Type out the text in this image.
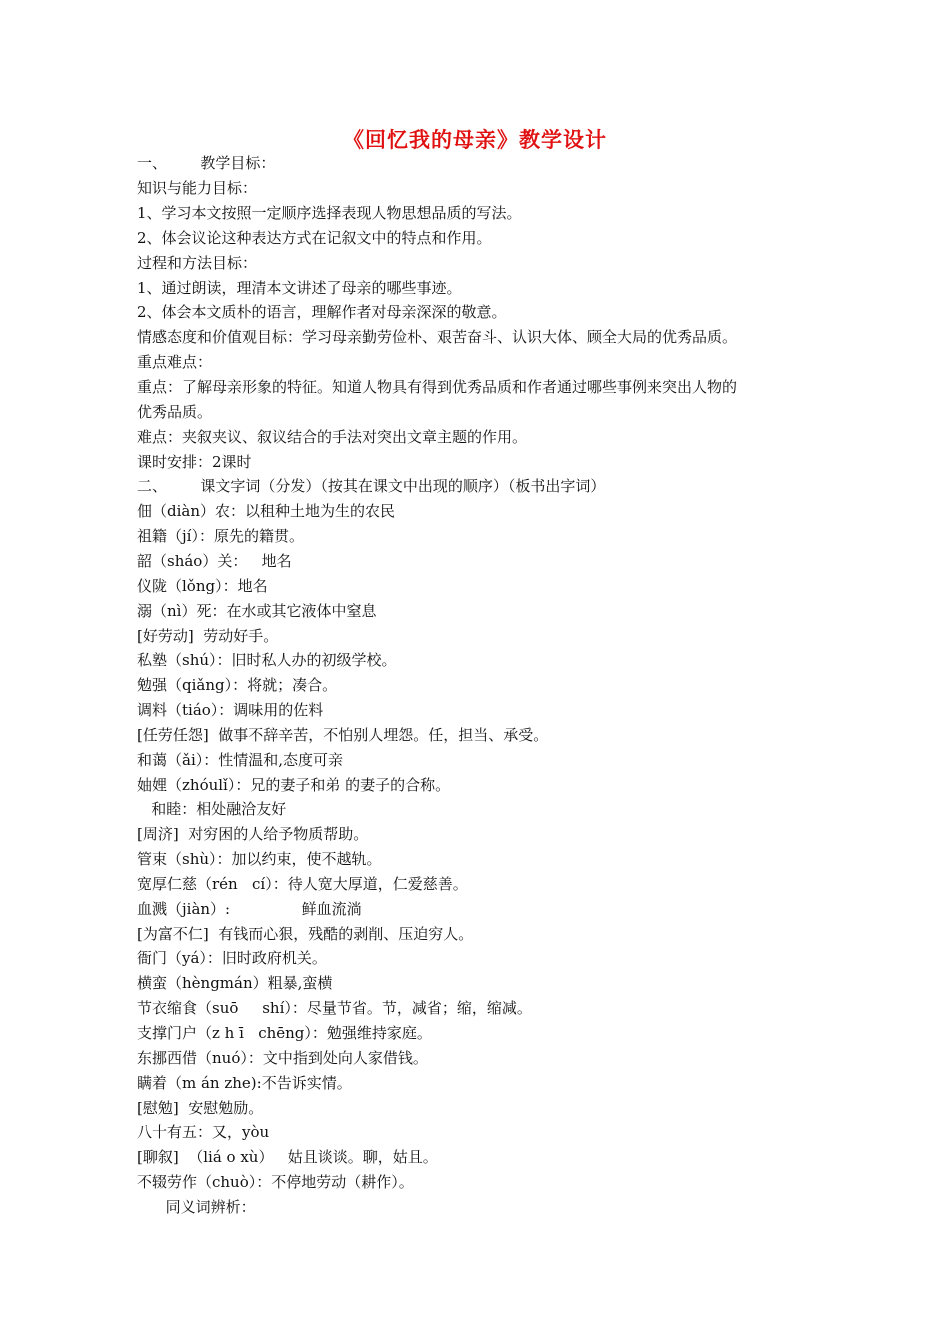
《回忆我的母亲》教学设计
一、       教学目标：
知识与能力目标：
1、学习本文按照一定顺序选择表现人物思想品质的写法。
2、体会议论这种表达方式在记叙文中的特点和作用。
过程和方法目标：
1、通过朗读，理清本文讲述了母亲的哪些事迹。
2、体会本文质朴的语言，理解作者对母亲深深的敬意。
情感态度和价值观目标：学习母亲勤劳俭朴、艰苦奋斗、认识大体、顾全大局的优秀品质。
重点难点：
重点：了解母亲形象的特征。知道人物具有得到优秀品质和作者通过哪些事例来突出人物的
优秀品质。
难点：夹叙夹议、叙议结合的手法对突出文章主题的作用。
课时安排：2课时
二、       课文字词（分发）（按其在课文中出现的顺序）（板书出字词）
佃（diàn）农：以租种土地为生的农民
祖籍（jí）：原先的籍贯。
韶（sháo）关：   地名
仪陇（lǒng）：地名
溺（nì）死：在水或其它液体中窒息
[好劳动]  劳动好手。
私塾（shú）：旧时私人办的初级学校。
勉强（qiǎng）：将就；凑合。
调料（tiáo）：调味用的佐料
[任劳任怨]  做事不辞辛苦，不怕别人埋怨。任，担当、承受。
和蔼（ǎi）：性情温和,态度可亲
妯娌（zhóulǐ）：兄的妻子和弟 的妻子的合称。
和睦：相处融洽友好
[周济]  对穷困的人给予物质帮助。
管束（shù）：加以约束，使不越轨。
宽厚仁慈（rén   cí）：待人宽大厚道，仁爱慈善。
血溅（jiàn）:               鲜血流淌
[为富不仁]  有钱而心狠，残酷的剥削、压迫穷人。
衙门（yá）：旧时政府机关。
横蛮（hèngmán）粗暴,蛮横
节衣缩食（suō     shí）：尽量节省。节，减省；缩，缩减。
支撑门户（z h ī   chēng）：勉强维持家庭。
东挪西借（nuó）：文中指到处向人家借钱。
瞒着（m án zhe):不告诉实情。
[慰勉]  安慰勉励。
八十有五：又，yòu
[聊叙]  （liá o xù）   姑且谈谈。聊，姑且。
不辍劳作（chuò）：不停地劳动（耕作）。
同义词辨析：
